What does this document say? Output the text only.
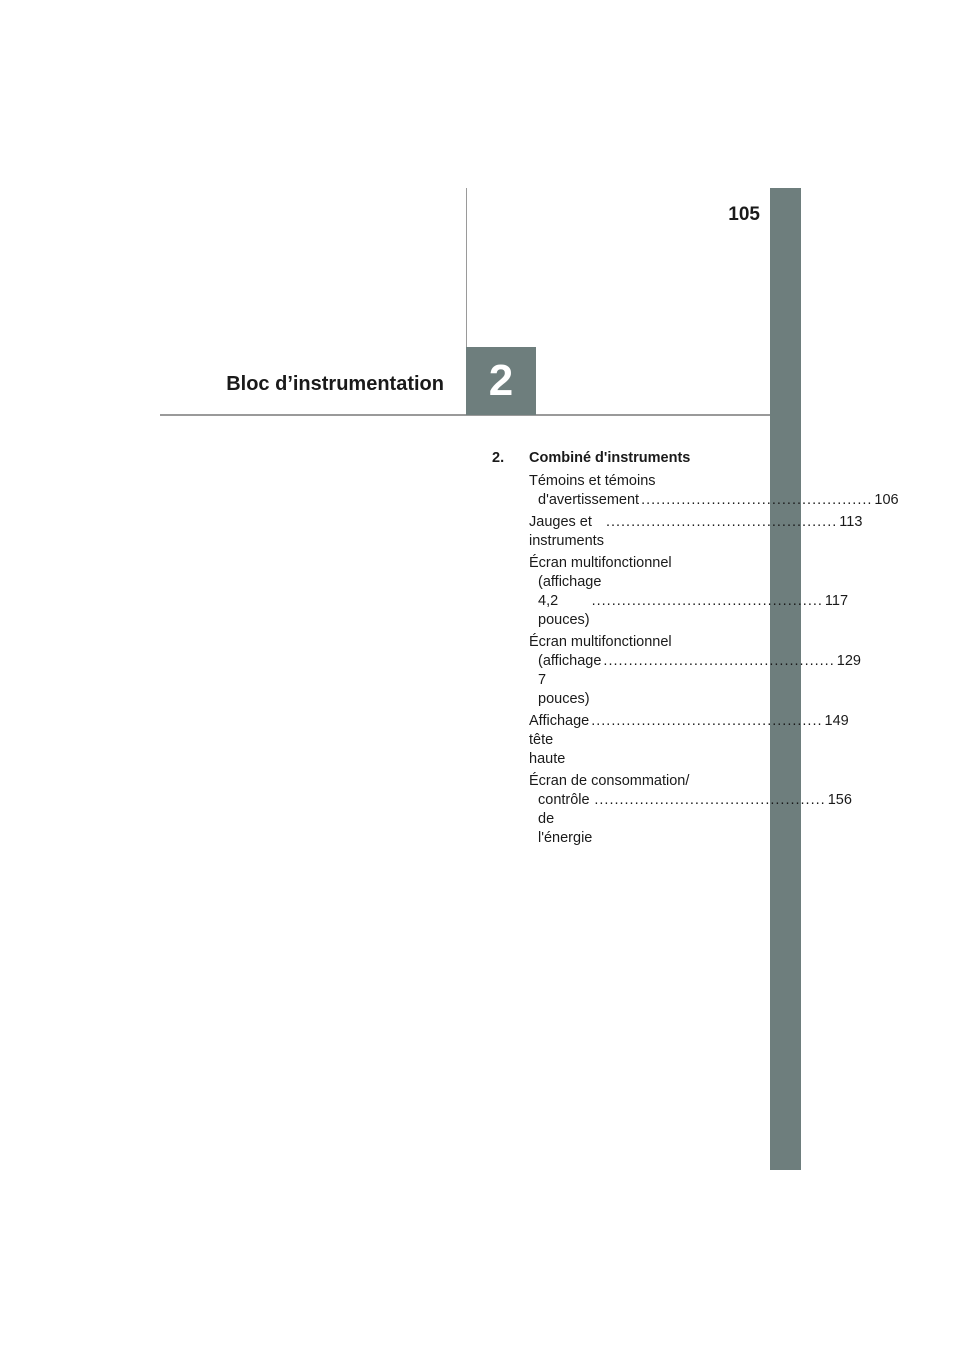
105
Bloc d’instrumentation 2
2.	Combiné d'instruments
Témoins et témoins
d'avertissement .............................................. 106
Jauges et instruments
.............................................. 113
Écran multifonctionnel
(affichage
4,2 pouces)
.............................................. 117
Écran multifonctionnel
(affichage 7 pouces)
.............................................. 129
Affichage tête haute
.............................................. 149
Écran de consommation/
contrôle de l'énergie
.............................................. 156
